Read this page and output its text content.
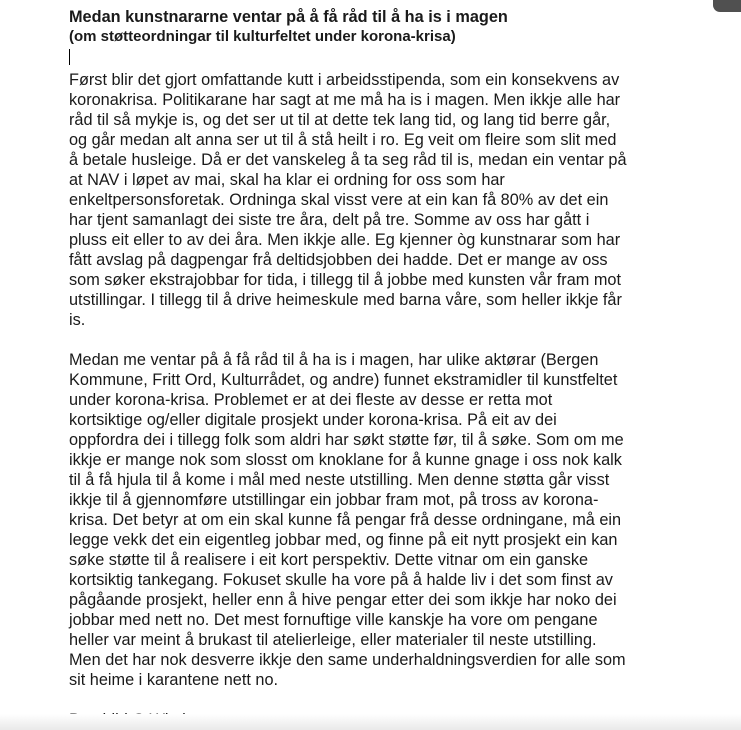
Medan kunstnararne ventar på å få råd til å ha is i magen
(om støtteordningar til kulturfeltet under korona-krisa)

Først blir det gjort omfattande kutt i arbeidsstipenda, som ein konsekvens av
koronakrisa. Politikarane har sagt at me må ha is i magen. Men ikkje alle har
råd til så mykje is, og det ser ut til at dette tek lang tid, og lang tid berre går,
og går medan alt anna ser ut til å stå heilt i ro. Eg veit om fleire som slit med
å betale husleige. Då er det vanskeleg å ta seg råd til is, medan ein ventar på
at NAV i løpet av mai, skal ha klar ei ordning for oss som har
enkeltpersonsforetak. Ordninga skal visst vere at ein kan få 80% av det ein
har tjent samanlagt dei siste tre åra, delt på tre. Somme av oss har gått i
pluss eit eller to av dei åra. Men ikkje alle. Eg kjenner òg kunstnarar som har
fått avslag på dagpengar frå deltidsjobben dei hadde. Det er mange av oss
som søker ekstrajobbar for tida, i tillegg til å jobbe med kunsten vår fram mot
utstillingar. I tillegg til å drive heimeskule med barna våre, som heller ikkje får
is.

Medan me ventar på å få råd til å ha is i magen, har ulike aktørar (Bergen
Kommune, Fritt Ord, Kulturrådet, og andre) funnet ekstramidler til kunstfeltet
under korona-krisa. Problemet er at dei fleste av desse er retta mot
kortsiktige og/eller digitale prosjekt under korona-krisa. På eit av dei
oppfordra dei i tillegg folk som aldri har søkt støtte før, til å søke. Som om me
ikkje er mange nok som slosst om knoklane for å kunne gnage i oss nok kalk
til å få hjula til å kome i mål med neste utstilling. Men denne støtta går visst
ikkje til å gjennomføre utstillingar ein jobbar fram mot, på tross av korona-
krisa. Det betyr at om ein skal kunne få pengar frå desse ordningane, må ein
legge vekk det ein eigentleg jobbar med, og finne på eit nytt prosjekt ein kan
søke støtte til å realisere i eit kort perspektiv. Dette vitnar om ein ganske
kortsiktig tankegang. Fokuset skulle ha vore på å halde liv i det som finst av
pågåande prosjekt, heller enn å hive pengar etter dei som ikkje har noko dei
jobbar med nett no. Det mest fornuftige ville kanskje ha vore om pengane
heller var meint å brukast til atelierleige, eller materialer til neste utstilling.
Men det har nok desverre ikkje den same underhaldningsverdien for alle som
sit heime i karantene nett no.
